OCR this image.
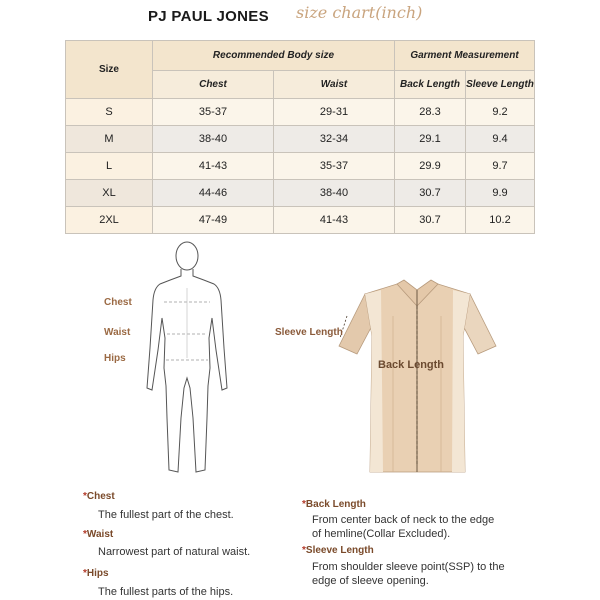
PJ PAUL JONES size chart(inch)
Size	Recommended Body size		Garment Measurement	
	Chest	Waist	Back Length	Sleeve Length
S	35-37	29-31	28.3	9.2
M	38-40	32-34	29.1	9.4
L	41-43	35-37	29.9	9.7
XL	44-46	38-40	30.7	9.9
2XL	47-49	41-43	30.7	10.2
Chest
Waist
Hips
Sleeve Length
Back Length
*Chest
The fullest part of the chest.
*Waist
Narrowest part of natural waist.
*Hips
The fullest parts of the hips.
*Back Length
From center back of neck to the edge
of hemline(Collar Excluded).
*Sleeve Length
From shoulder sleeve point(SSP) to the
edge of sleeve opening.
